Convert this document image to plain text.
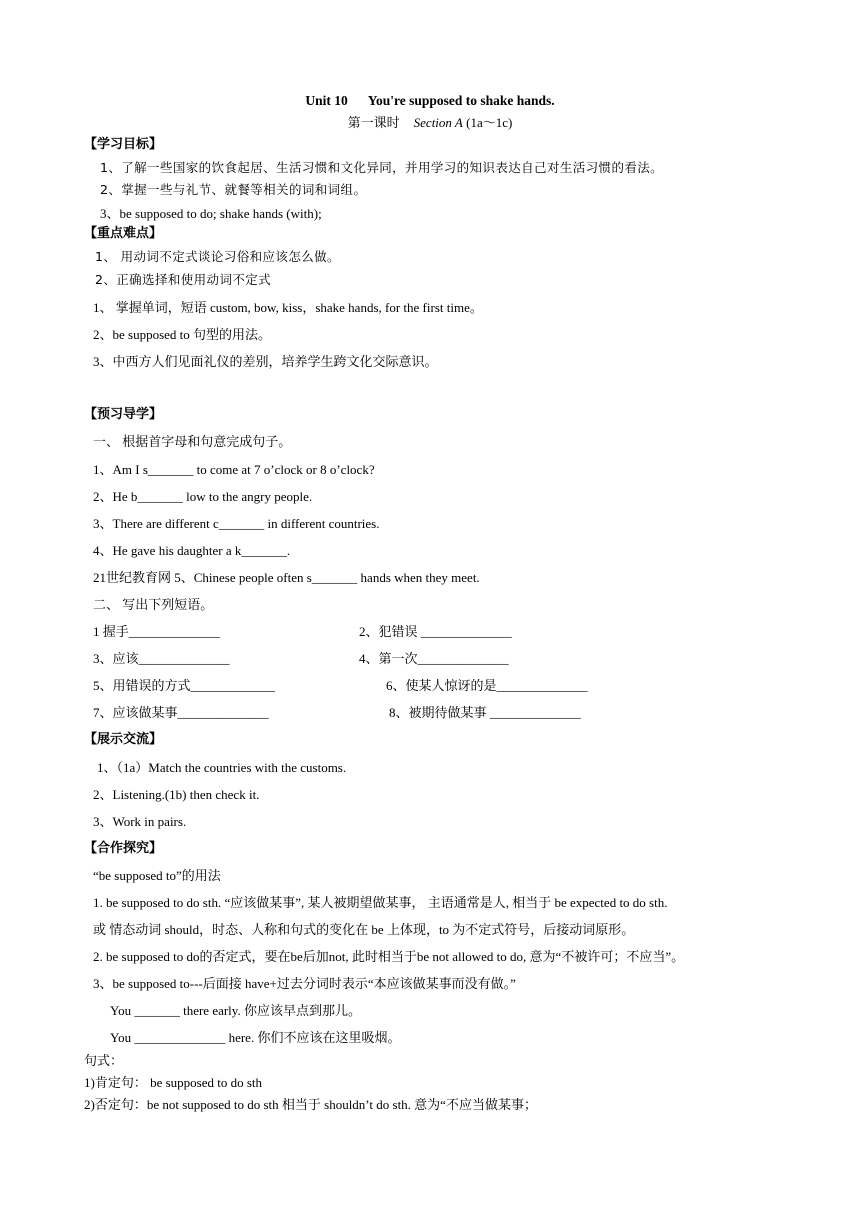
Unit 10 You're supposed to shake hands.
第一课时 Section A (1a～1c)
【学习目标】
1、了解一些国家的饮食起居、生活习惯和文化异同，并用学习的知识表达自己对生活习惯的看法。
2、掌握一些与礼节、就餐等相关的词和词组。
3、be supposed to do; shake hands (with);
【重点难点】
1、 用动词不定式谈论习俗和应该怎么做。
2、正确选择和使用动词不定式
1、 掌握单词，短语 custom, bow, kiss，shake hands, for the first time。
2、be supposed to 句型的用法。
3、中西方人们见面礼仪的差别，培养学生跨文化交际意识。
【预习导学】
一、 根据首字母和句意完成句子。
1、Am I s_______ to come at 7 o’clock or 8 o’clock?
2、He b_______ low to the angry people.
3、There are different c_______ in different countries.
4、He gave his daughter a k_______.
21世纪教育网 5、Chinese people often s_______ hands when they meet.
二、 写出下列短语。
1 握手______________	2、犯错误 ______________
3、应该______________	4、第一次______________
5、用错误的方式_____________	6、使某人惊讶的是______________
7、应该做某事______________	8、被期待做某事 ______________
【展示交流】
1、（1a）Match the countries with the customs.
2、Listening.(1b) then check it.
3、Work in pairs.
【合作探究】
“be supposed to”的用法
1. be supposed to do sth. “应该做某事”, 某人被期望做某事， 主语通常是人, 相当于 be expected to do sth.
或 情态动词 should，时态、人称和句式的变化在 be 上体现，to 为不定式符号，后接动词原形。
2. be supposed to do的否定式，要在be后加not, 此时相当于be not allowed to do, 意为“不被许可；不应当”。
3、be supposed to---后面接 have+过去分词时表示“本应该做某事而没有做。”
You _______ there early. 你应该早点到那儿。
You ______________ here. 你们不应该在这里吸烟。
句式：
1)肯定句： be supposed to do sth
2)否定句：be not supposed to do sth 相当于 shouldn’t do sth. 意为“不应当做某事；
